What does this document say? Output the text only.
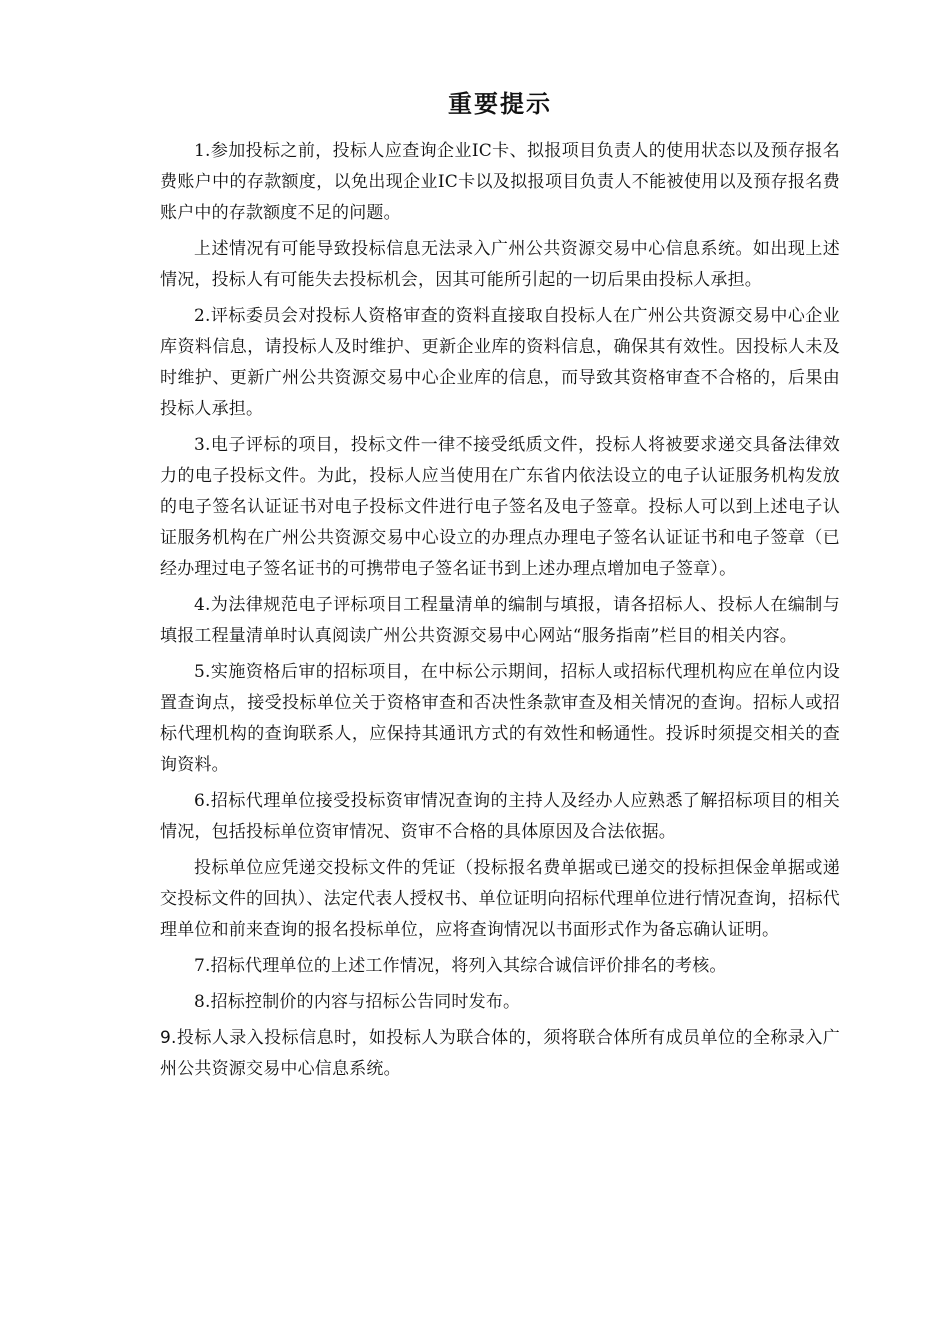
重要提示

1.参加投标之前，投标人应查询企业IC卡、拟报项目负责人的使用状态以及预存报名费账户中的存款额度，以免出现企业IC卡以及拟报项目负责人不能被使用以及预存报名费账户中的存款额度不足的问题。

上述情况有可能导致投标信息无法录入广州公共资源交易中心信息系统。如出现上述情况，投标人有可能失去投标机会，因其可能所引起的一切后果由投标人承担。

2.评标委员会对投标人资格审查的资料直接取自投标人在广州公共资源交易中心企业库资料信息，请投标人及时维护、更新企业库的资料信息，确保其有效性。因投标人未及时维护、更新广州公共资源交易中心企业库的信息，而导致其资格审查不合格的，后果由投标人承担。

3.电子评标的项目，投标文件一律不接受纸质文件，投标人将被要求递交具备法律效力的电子投标文件。为此，投标人应当使用在广东省内依法设立的电子认证服务机构发放的电子签名认证证书对电子投标文件进行电子签名及电子签章。投标人可以到上述电子认证服务机构在广州公共资源交易中心设立的办理点办理电子签名认证证书和电子签章（已经办理过电子签名证书的可携带电子签名证书到上述办理点增加电子签章）。

4.为法律规范电子评标项目工程量清单的编制与填报，请各招标人、投标人在编制与填报工程量清单时认真阅读广州公共资源交易中心网站“服务指南”栏目的相关内容。

5.实施资格后审的招标项目，在中标公示期间，招标人或招标代理机构应在单位内设置查询点，接受投标单位关于资格审查和否决性条款审查及相关情况的查询。招标人或招标代理机构的查询联系人，应保持其通讯方式的有效性和畅通性。投诉时须提交相关的查询资料。

6.招标代理单位接受投标资审情况查询的主持人及经办人应熟悉了解招标项目的相关情况，包括投标单位资审情况、资审不合格的具体原因及合法依据。

投标单位应凭递交投标文件的凭证（投标报名费单据或已递交的投标担保金单据或递交投标文件的回执）、法定代表人授权书、单位证明向招标代理单位进行情况查询，招标代理单位和前来查询的报名投标单位，应将查询情况以书面形式作为备忘确认证明。

7.招标代理单位的上述工作情况，将列入其综合诚信评价排名的考核。

8.招标控制价的内容与招标公告同时发布。

9.投标人录入投标信息时，如投标人为联合体的，须将联合体所有成员单位的全称录入广州公共资源交易中心信息系统。
